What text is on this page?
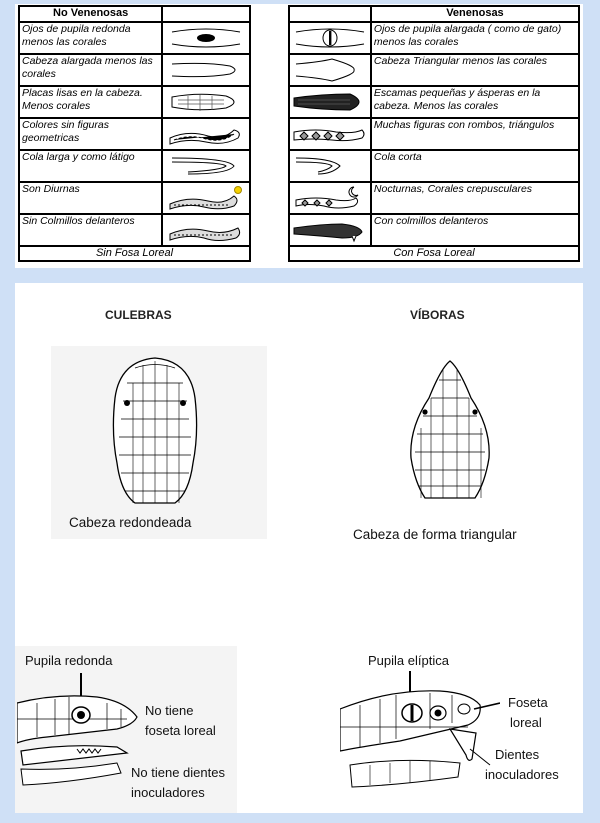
No Venenosas	
Ojos de pupila redonda menos las corales	

Cabeza alargada menos las corales	

Placas lisas en la cabeza. Menos corales	

Colores sin figuras geometricas	

Cola larga y como látigo	

Son Diurnas	

Sin Colmillos delanteros	

Sin Fosa Loreal	
	Venenosas

	Ojos de pupila alargada ( como de gato) menos las corales

	Cabeza Triangular menos las corales

	Escamas pequeñas y ásperas en la cabeza. Menos las corales

	Muchas figuras con rombos, triángulos

	Cola corta

	Nocturnas, Corales crepusculares

	Con colmillos delanteros
Con Fosa Loreal	
CULEBRAS	VÍBORAS
Cabeza redondeada
Cabeza de forma triangular
Pupila redonda
No tiene
foseta loreal
No tiene dientes
inoculadores
Pupila elíptica
Foseta
loreal
Dientes
inoculadores
